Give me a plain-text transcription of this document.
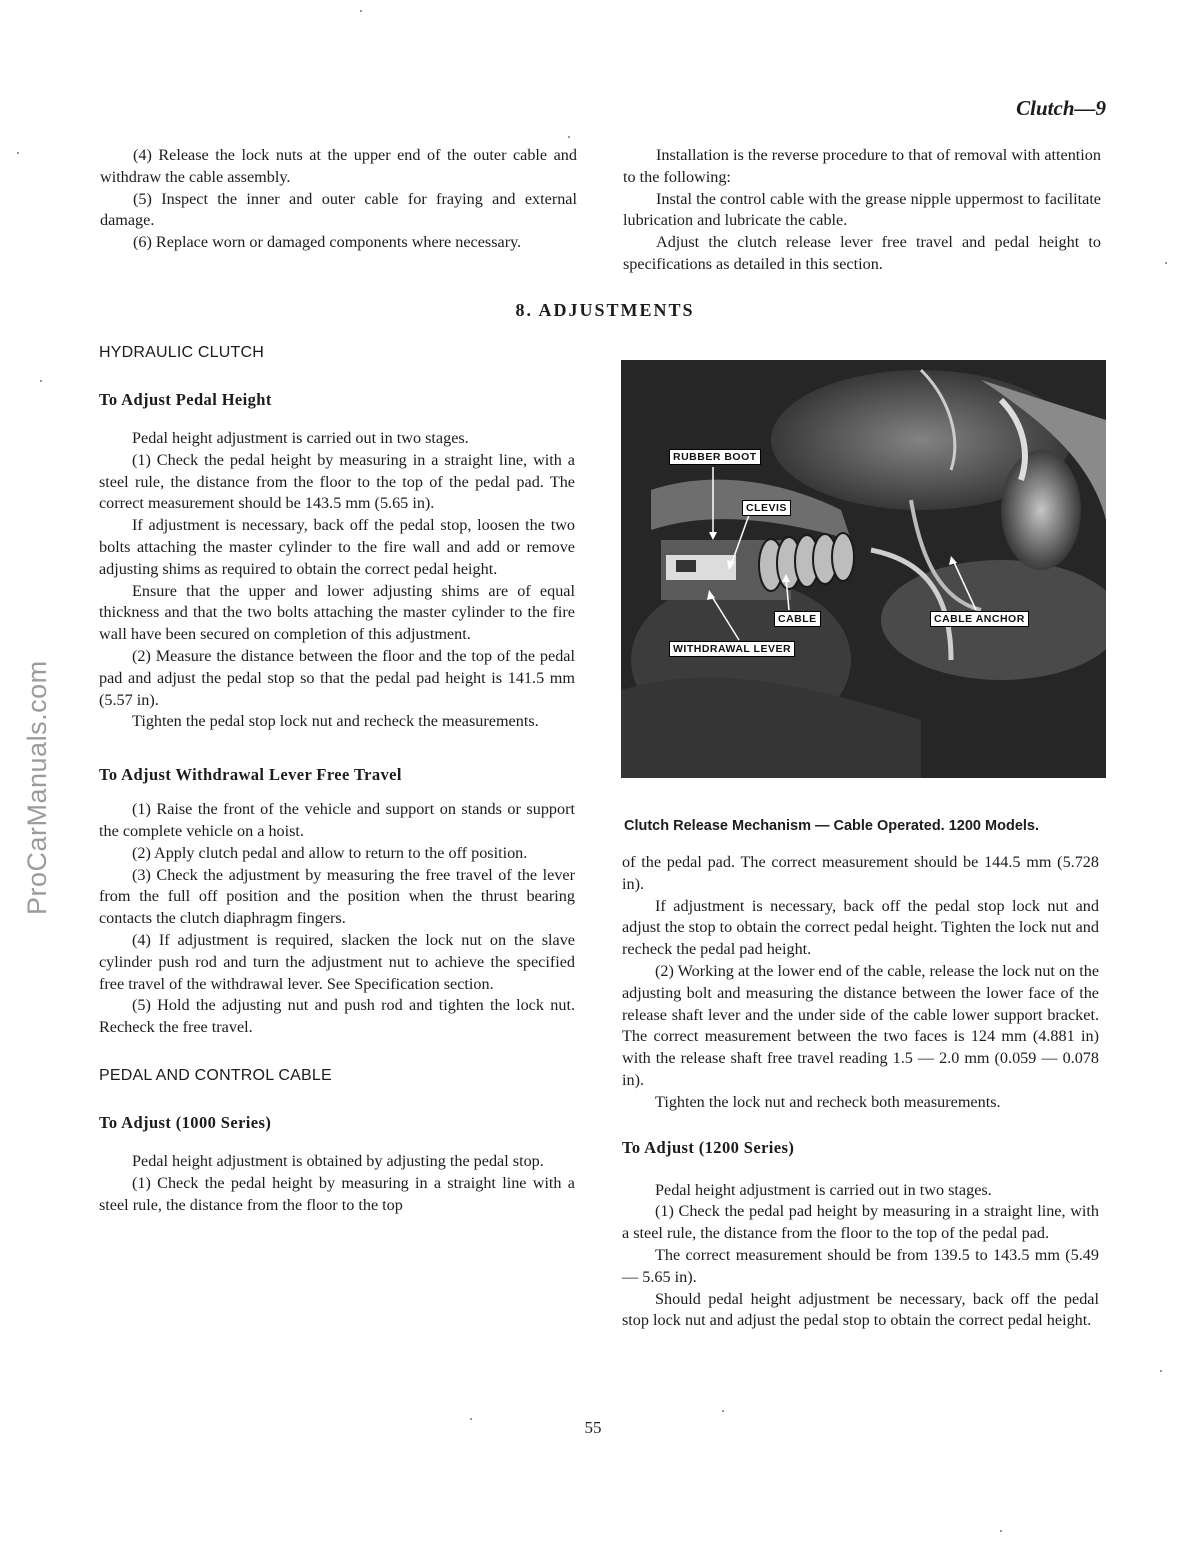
Clutch—9
ProCarManuals.com

(4) Release the lock nuts at the upper end of the outer cable and withdraw the cable assembly.

(5) Inspect the inner and outer cable for fraying and external damage.

(6) Replace worn or damaged components where necessary.

Installation is the reverse procedure to that of removal with attention to the following:

Instal the control cable with the grease nipple uppermost to facilitate lubrication and lubricate the cable.

Adjust the clutch release lever free travel and pedal height to specifications as detailed in this section.

8. ADJUSTMENTS
HYDRAULIC CLUTCH
To Adjust Pedal Height

Pedal height adjustment is carried out in two stages.

(1) Check the pedal height by measuring in a straight line, with a steel rule, the distance from the floor to the top of the pedal pad. The correct measurement should be 143.5 mm (5.65 in).

If adjustment is necessary, back off the pedal stop, loosen the two bolts attaching the master cylinder to the fire wall and add or remove adjusting shims as required to obtain the correct pedal height.

Ensure that the upper and lower adjusting shims are of equal thickness and that the two bolts attaching the master cylinder to the fire wall have been secured on completion of this adjustment.

(2) Measure the distance between the floor and the top of the pedal pad and adjust the pedal stop so that the pedal pad height is 141.5 mm (5.57 in).

Tighten the pedal stop lock nut and recheck the measurements.

To Adjust Withdrawal Lever Free Travel

(1) Raise the front of the vehicle and support on stands or support the complete vehicle on a hoist.

(2) Apply clutch pedal and allow to return to the off position.

(3) Check the adjustment by measuring the free travel of the lever from the full off position and the position when the thrust bearing contacts the clutch diaphragm fingers.

(4) If adjustment is required, slacken the lock nut on the slave cylinder push rod and turn the adjustment nut to achieve the specified free travel of the withdrawal lever. See Specification section.

(5) Hold the adjusting nut and push rod and tighten the lock nut. Recheck the free travel.

PEDAL AND CONTROL CABLE
To Adjust (1000 Series)

Pedal height adjustment is obtained by adjusting the pedal stop.

(1) Check the pedal height by measuring in a straight line with a steel rule, the distance from the floor to the top

RUBBER BOOT
CLEVIS
CABLE	CABLE ANCHOR
WITHDRAWAL LEVER
Clutch Release Mechanism — Cable Operated. 1200 Models.

of the pedal pad. The correct measurement should be 144.5 mm (5.728 in).

If adjustment is necessary, back off the pedal stop lock nut and adjust the stop to obtain the correct pedal height. Tighten the lock nut and recheck the pedal pad height.

(2) Working at the lower end of the cable, release the lock nut on the adjusting bolt and measuring the distance between the lower face of the release shaft lever and the under side of the cable lower support bracket. The correct measurement between the two faces is 124 mm (4.881 in) with the release shaft free travel reading 1.5 — 2.0 mm (0.059 — 0.078 in).

Tighten the lock nut and recheck both measurements.

To Adjust (1200 Series)

Pedal height adjustment is carried out in two stages.

(1) Check the pedal pad height by measuring in a straight line, with a steel rule, the distance from the floor to the top of the pedal pad.

The correct measurement should be from 139.5 to 143.5 mm (5.49 — 5.65 in).

Should pedal height adjustment be necessary, back off the pedal stop lock nut and adjust the pedal stop to obtain the correct pedal height.

55
